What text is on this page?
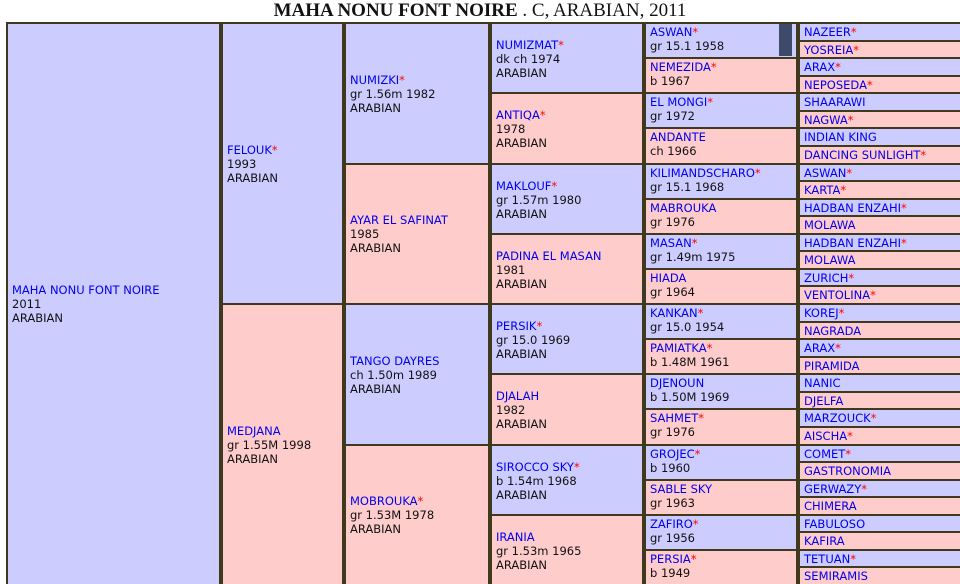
MAHA NONU FONT NOIRE . C, ARABIAN, 2011
MAHA NONU FONT NOIRE
2011
ARABIAN
FELOUK*
1993
ARABIAN
MEDJANA
gr 1.55M 1998
ARABIAN
NUMIZKI*
gr 1.56m 1982
ARABIAN
AYAR EL SAFINAT
1985
ARABIAN
TANGO DAYRES
ch 1.50m 1989
ARABIAN
MOBROUKA*
gr 1.53M 1978
ARABIAN
NUMIZMAT*
dk ch 1974
ARABIAN
ANTIQA*
1978
ARABIAN
MAKLOUF*
gr 1.57m 1980
ARABIAN
PADINA EL MASAN
1981
ARABIAN
PERSIK*
gr 15.0 1969
ARABIAN
DJALAH
1982
ARABIAN
SIROCCO SKY*
b 1.54m 1968
ARABIAN
IRANIA
gr 1.53m 1965
ARABIAN
ASWAN*
gr 15.1 1958
NEMEZIDA*
b 1967
EL MONGI*
gr 1972
ANDANTE
ch 1966
KILIMANDSCHARO*
gr 15.1 1968
MABROUKA
gr 1976
MASAN*
gr 1.49m 1975
HIADA
gr 1964
KANKAN*
gr 15.0 1954
PAMIATKA*
b 1.48M 1961
DJENOUN
b 1.50M 1969
SAHMET*
gr 1976
GROJEC*
b 1960
SABLE SKY
gr 1963
ZAFIRO*
gr 1956
PERSIA*
b 1949
NAZEER*
YOSREIA*
ARAX*
NEPOSEDA*
SHAARAWI
NAGWA*
INDIAN KING
DANCING SUNLIGHT*
ASWAN*
KARTA*
HADBAN ENZAHI*
MOLAWA
HADBAN ENZAHI*
MOLAWA
ZURICH*
VENTOLINA*
KOREJ*
NAGRADA
ARAX*
PIRAMIDA
NANIC
DJELFA
MARZOUCK*
AISCHA*
COMET*
GASTRONOMIA
GERWAZY*
CHIMERA
FABULOSO
KAFIRA
TETUAN*
SEMIRAMIS
